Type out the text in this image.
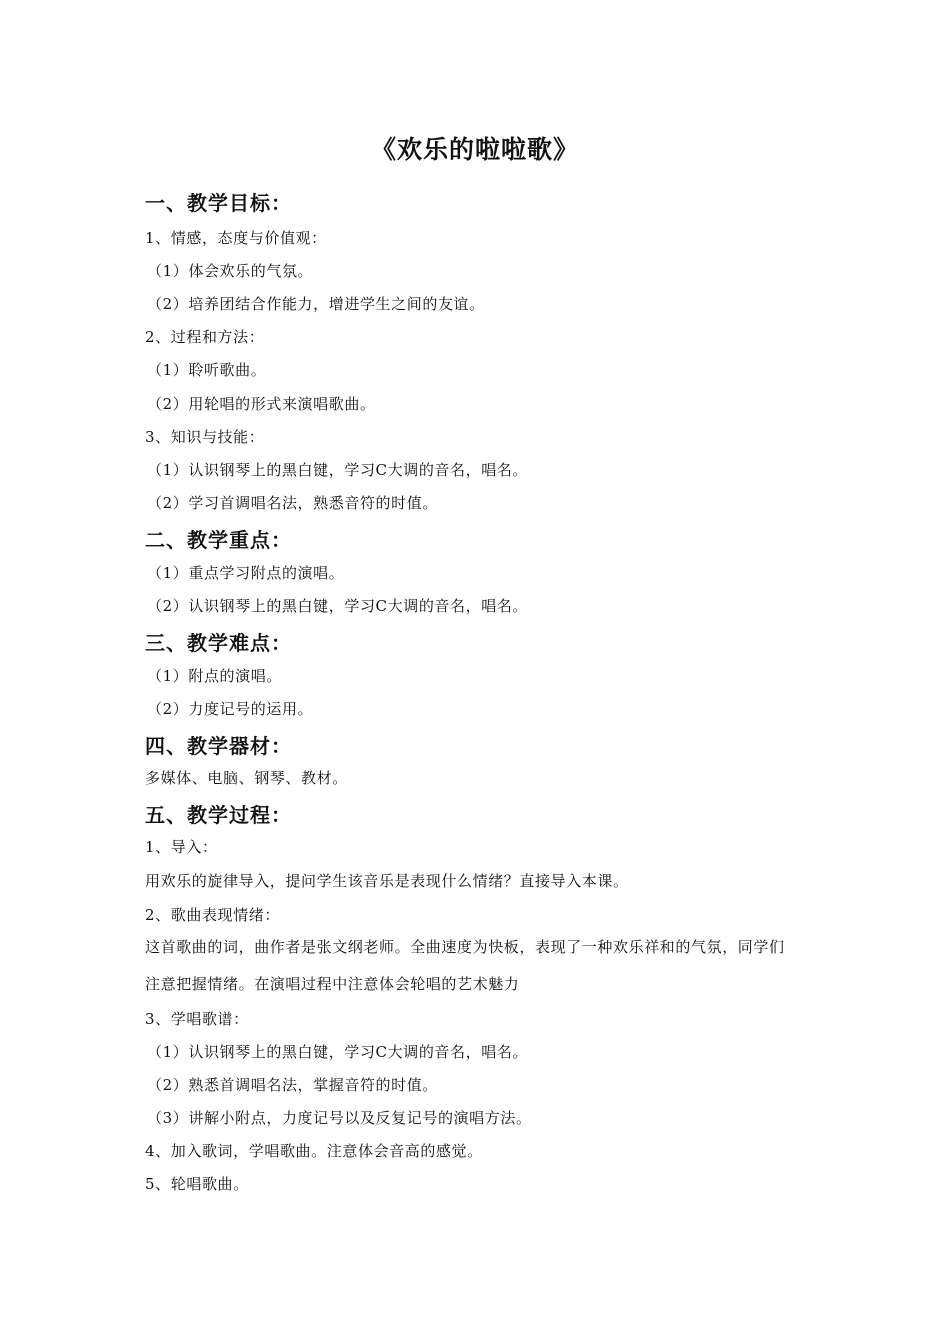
《欢乐的啦啦歌》
一、教学目标：
1、情感，态度与价值观：
（1）体会欢乐的气氛。
（2）培养团结合作能力，增进学生之间的友谊。
2、过程和方法：
（1）聆听歌曲。
（2）用轮唱的形式来演唱歌曲。
3、知识与技能：
（1）认识钢琴上的黑白键，学习C大调的音名，唱名。
（2）学习首调唱名法，熟悉音符的时值。
二、教学重点：
（1）重点学习附点的演唱。
（2）认识钢琴上的黑白键，学习C大调的音名，唱名。
三、教学难点：
（1）附点的演唱。
（2）力度记号的运用。
四、教学器材：
多媒体、电脑、钢琴、教材。
五、教学过程：
1、导入：
用欢乐的旋律导入，提问学生该音乐是表现什么情绪？直接导入本课。
2、歌曲表现情绪：
这首歌曲的词，曲作者是张文纲老师。全曲速度为快板，表现了一种欢乐祥和的气氛，同学们
注意把握情绪。在演唱过程中注意体会轮唱的艺术魅力
3、学唱歌谱：
（1）认识钢琴上的黑白键，学习C大调的音名，唱名。
（2）熟悉首调唱名法，掌握音符的时值。
（3）讲解小附点，力度记号以及反复记号的演唱方法。
4、加入歌词，学唱歌曲。注意体会音高的感觉。
5、轮唱歌曲。
